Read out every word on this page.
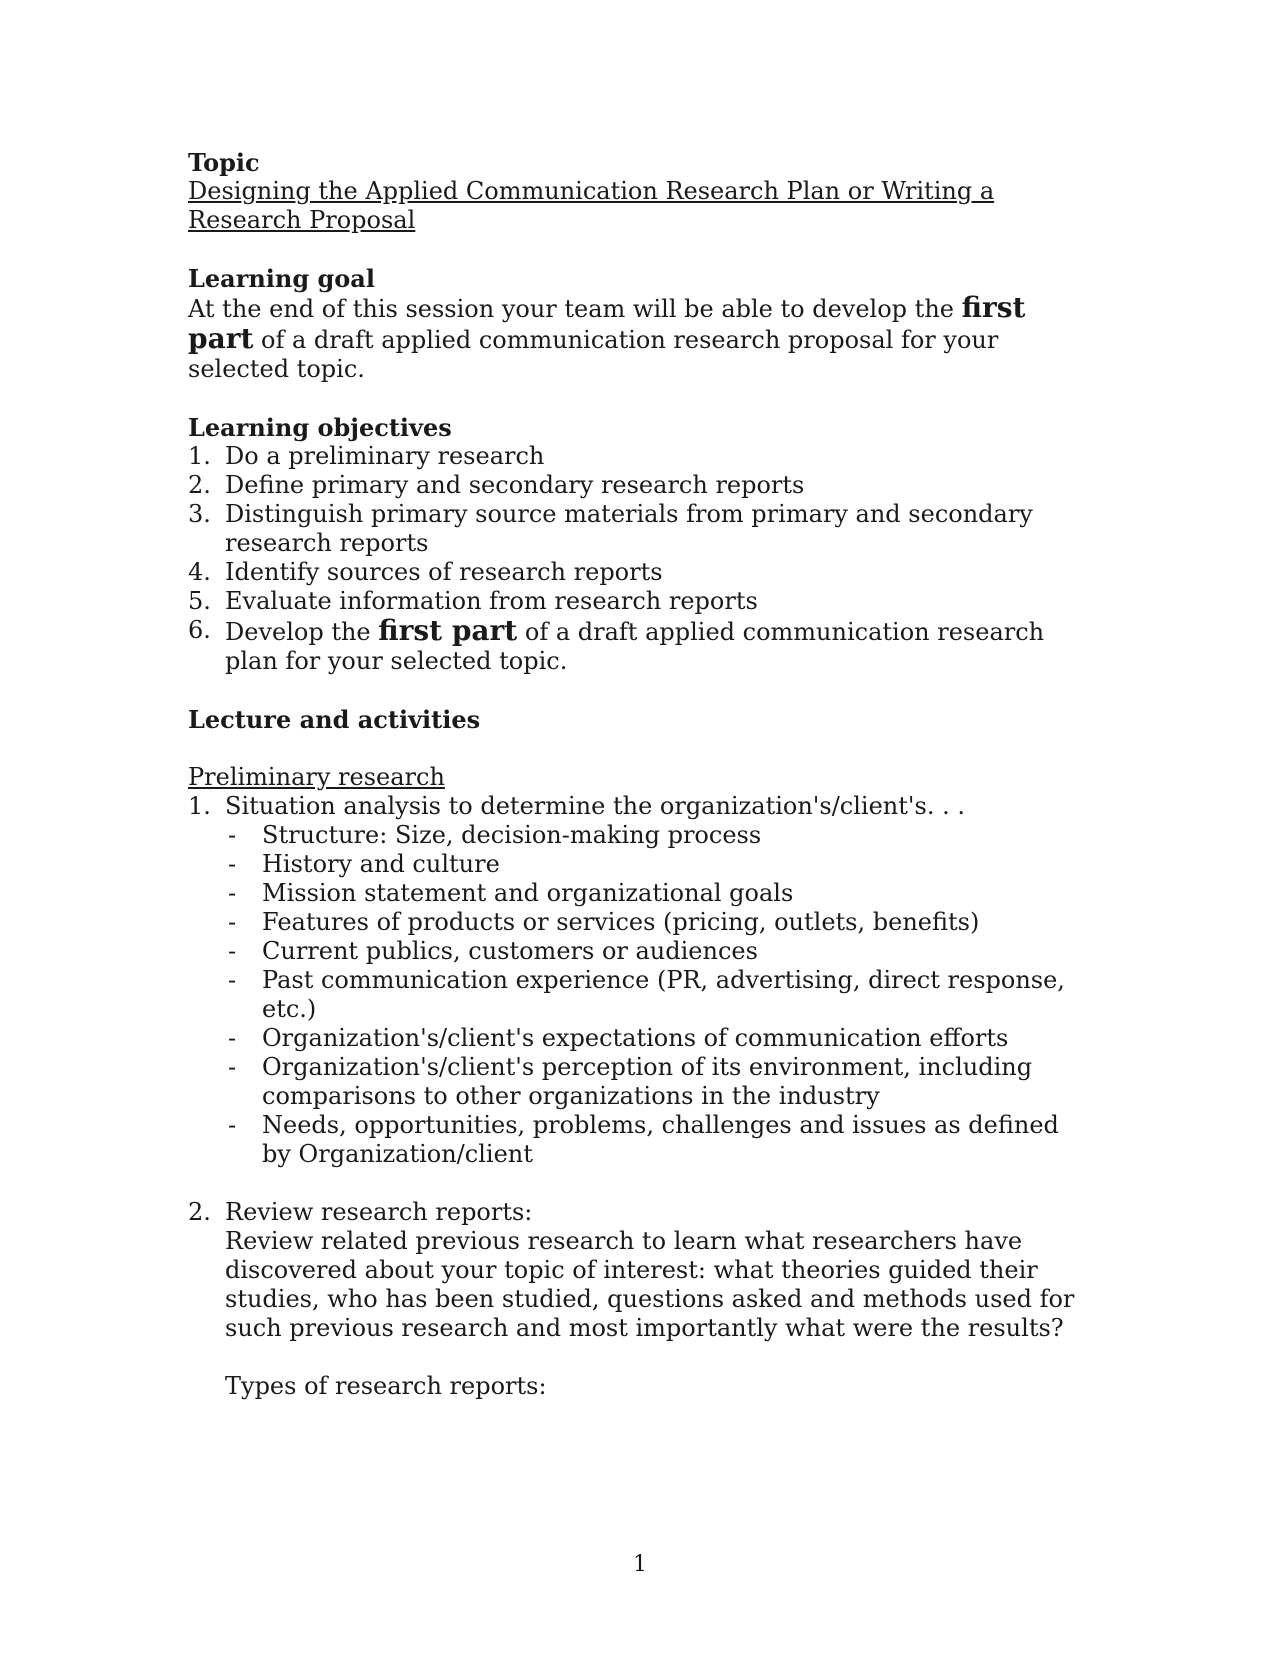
Topic

Designing the Applied Communication Research Plan or Writing a Research Proposal

Learning goal

At the end of this session your team will be able to develop the first part of a draft applied communication research proposal for your selected topic.

Learning objectives

1. Do a preliminary research
2. Define primary and secondary research reports
3. Distinguish primary source materials from primary and secondary research reports
4. Identify sources of research reports
5. Evaluate information from research reports
6. Develop the first part of a draft applied communication research plan for your selected topic.

Lecture and activities

Preliminary research

1. Situation analysis to determine the organization's/client's. . .
-	Structure: Size, decision-making process
-	History and culture
-	Mission statement and organizational goals
-	Features of products or services (pricing, outlets, benefits)
-	Current publics, customers or audiences
-	Past communication experience (PR, advertising, direct response, etc.)
-	Organization's/client's expectations of communication efforts
-	Organization's/client's perception of its environment, including comparisons to other organizations in the industry
-	Needs, opportunities, problems, challenges and issues as defined by Organization/client
2. Review research reports:

Review related previous research to learn what researchers have discovered about your topic of interest: what theories guided their studies, who has been studied, questions asked and methods used for such previous research and most importantly what were the results?

Types of research reports:

1
